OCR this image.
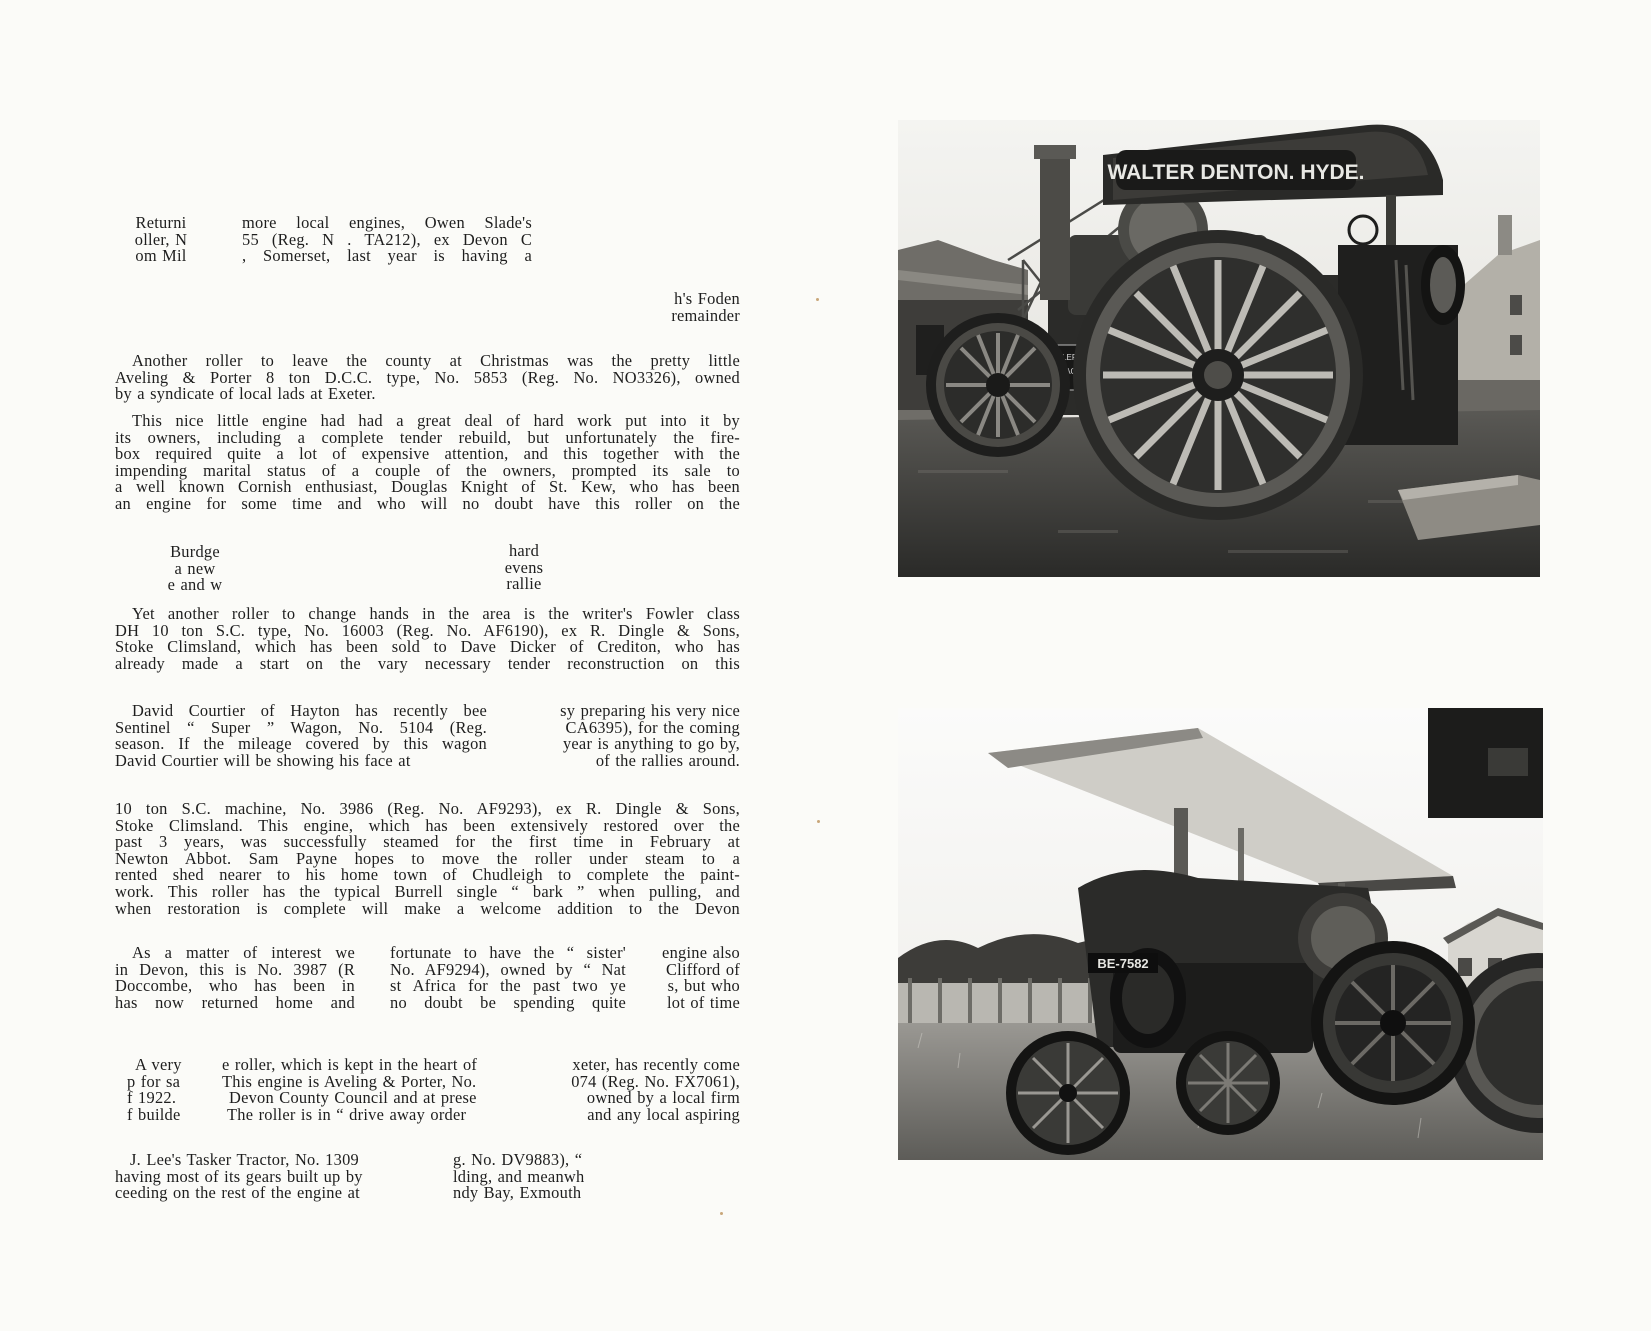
Returni
oller, N
om Mil
more local engines, Owen Slade's
55 (Reg. N . TA212), ex Devon C
, Somerset, last year is having a
h's Foden
remainder
Another roller to leave the county at Christmas was the pretty little
Aveling & Porter 8 ton D.C.C. type, No. 5853 (Reg. No. NO3326), owned
by a syndicate of local lads at Exeter.
This nice little engine had had a great deal of hard work put into it by
its owners, including a complete tender rebuild, but unfortunately the fire-
box required quite a lot of expensive attention, and this together with the
impending marital status of a couple of the owners, prompted its sale to
a well known Cornish enthusiast, Douglas Knight of St. Kew, who has been
an engine for some time and who will no doubt have this roller on the
Burdge
a new
e and w
hard
evens
rallie
Yet another roller to change hands in the area is the writer's Fowler class
DH 10 ton S.C. type, No. 16003 (Reg. No. AF6190), ex R. Dingle & Sons,
Stoke Climsland, which has been sold to Dave Dicker of Crediton, who has
already made a start on the vary necessary tender reconstruction on this
David Courtier of Hayton has recently bee
Sentinel “ Super ” Wagon, No. 5104 (Reg.
season. If the mileage covered by this wagon
David Courtier will be showing his face at
sy preparing his very nice
CA6395), for the coming
year is anything to go by,
of the rallies around.
10 ton S.C. machine, No. 3986 (Reg. No. AF9293), ex R. Dingle & Sons,
Stoke Climsland. This engine, which has been extensively restored over the
past 3 years, was successfully steamed for the first time in February at
Newton Abbot. Sam Payne hopes to move the roller under steam to a
rented shed nearer to his home town of Chudleigh to complete the paint-
work. This roller has the typical Burrell single “ bark ” when pulling, and
when restoration is complete will make a welcome addition to the Devon
As a matter of interest we
in Devon, this is No. 3987 (R
Doccombe, who has been in
has now returned home and
fortunate to have the “ sister'
No. AF9294), owned by “ Nat
st Africa for the past two ye
no doubt be spending quite
engine also
Clifford of
s, but who
lot of time
A very
p for sa
f 1922.
f builde
e roller, which is kept in the heart of
This engine is Aveling & Porter, No.
Devon County Council and at prese
The roller is in “ drive away order
xeter, has recently come
074 (Reg. No. FX7061),
owned by a local firm
and any local aspiring
J. Lee's Tasker Tractor, No. 1309
having most of its gears built up by
ceeding on the rest of the engine at
g. No. DV9883), “
lding, and meanwh
ndy Bay, Exmouth
WALTER DENTON. HYDE.
BE-7582
